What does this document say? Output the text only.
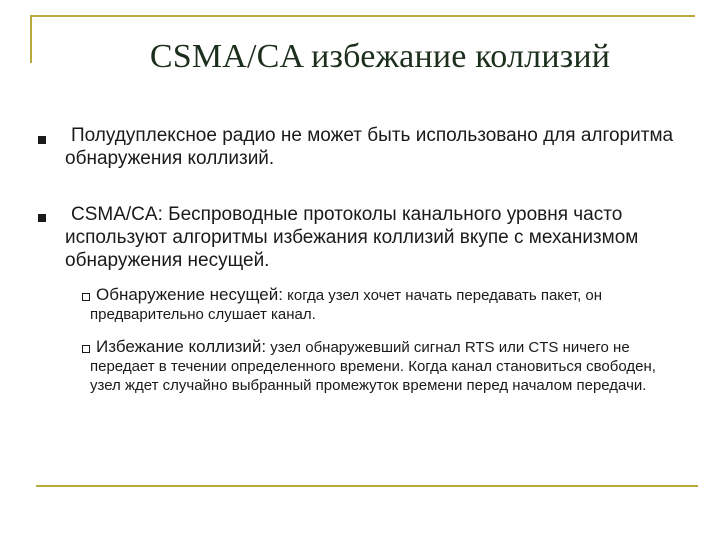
CSMA/CA избежание коллизий
Полудуплексное радио не может быть использовано для алгоритма обнаружения коллизий.
CSMA/CA: Беспроводные протоколы канального уровня часто используют алгоритмы избежания коллизий вкупе с механизмом обнаружения несущей.
Обнаружение несущей: когда узел хочет начать передавать пакет, он предварительно слушает канал.
Избежание коллизий: узел обнаружевший сигнал RTS или CTS ничего не передает в течении определенного времени. Когда канал становиться свободен, узел ждет случайно выбранный промежуток времени перед началом передачи.
